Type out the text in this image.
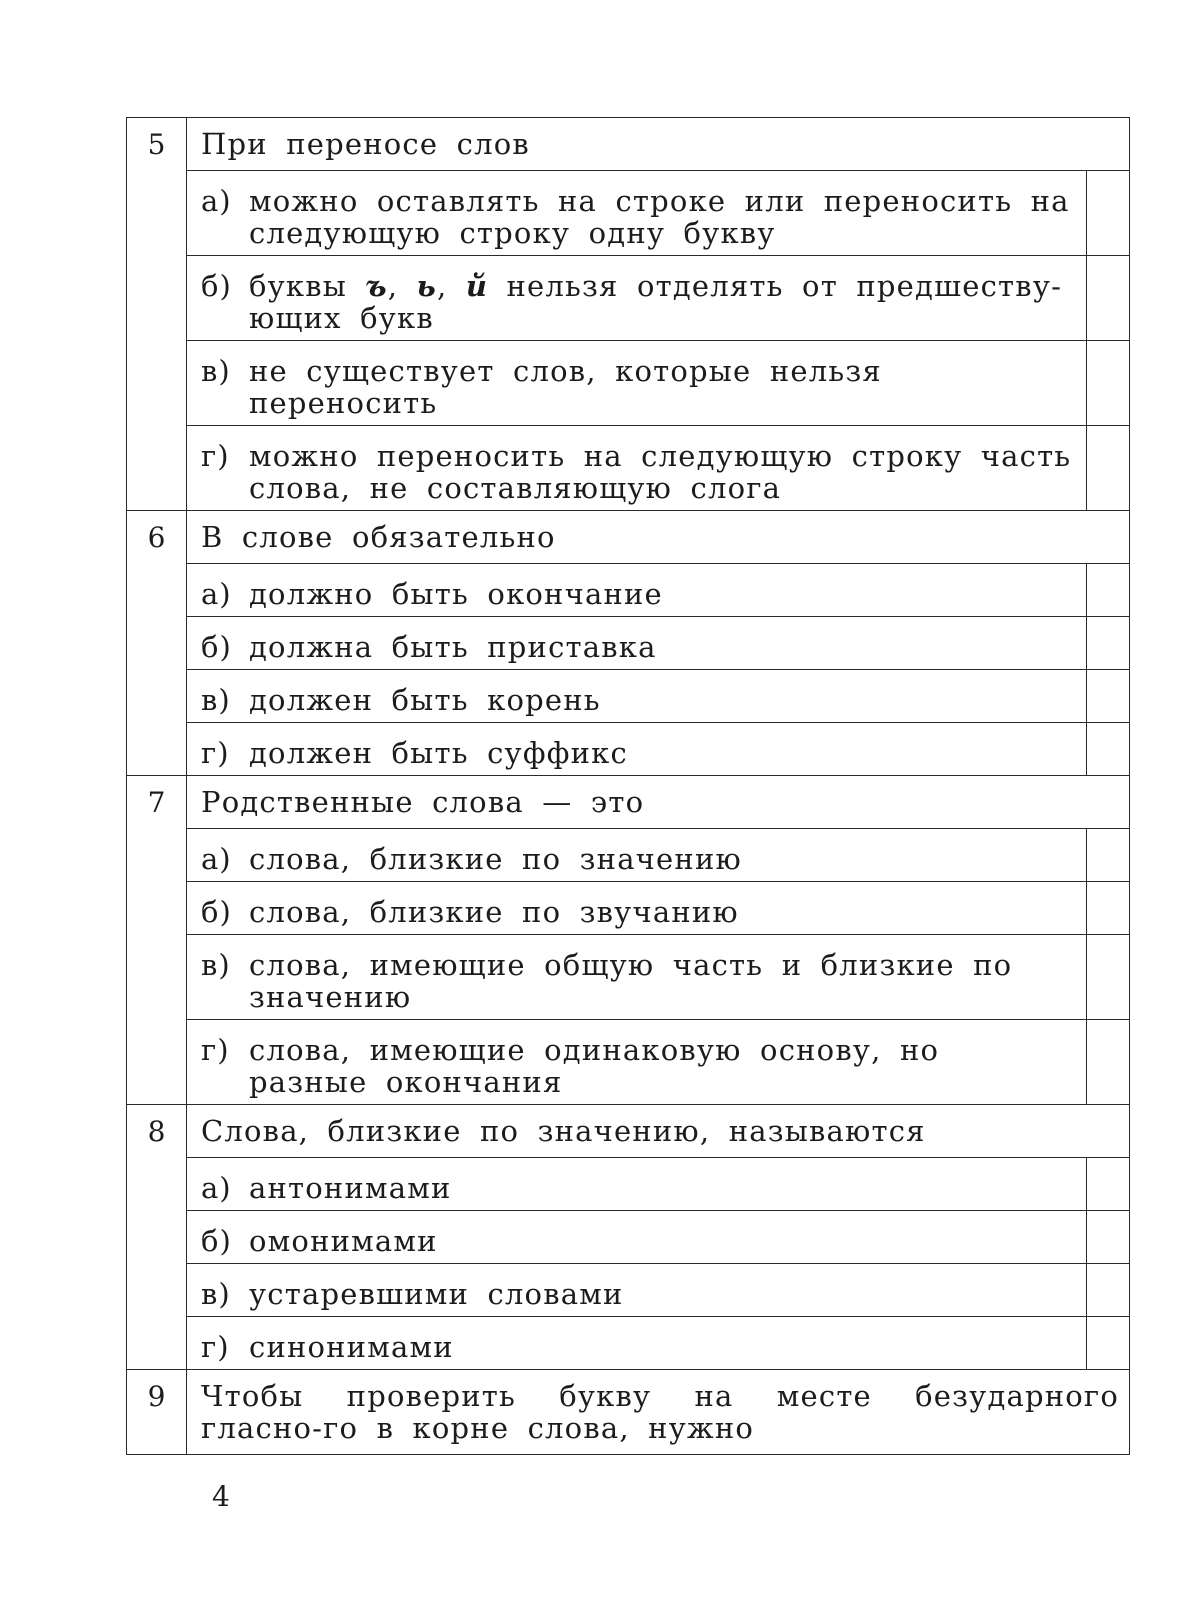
5	При переносе слов	

	а) можно оставлять на строке или переносить на следующую строку одну букву	

	б) буквы ъ, ь, й нельзя отделять от предшеству-ющих букв	

	в) не существует слов, которые нельзя переносить	

	г) можно переносить на следующую строку часть слова, не составляющую слога	

6	В слове обязательно	

	а) должно быть окончание	

	б) должна быть приставка	

	в) должен быть корень	

	г) должен быть суффикс	

7	Родственные слова — это	

	а) слова, близкие по значению	

	б) слова, близкие по звучанию	

	в) слова, имеющие общую часть и близкие по значению	

	г) слова, имеющие одинаковую основу, но разные окончания	

8	Слова, близкие по значению, называются	

	а) антонимами	

	б) омонимами	

	в) устаревшими словами	

	г) синонимами	

9	Чтобы проверить букву на месте безударного гласно-го в корне слова, нужно	
4
